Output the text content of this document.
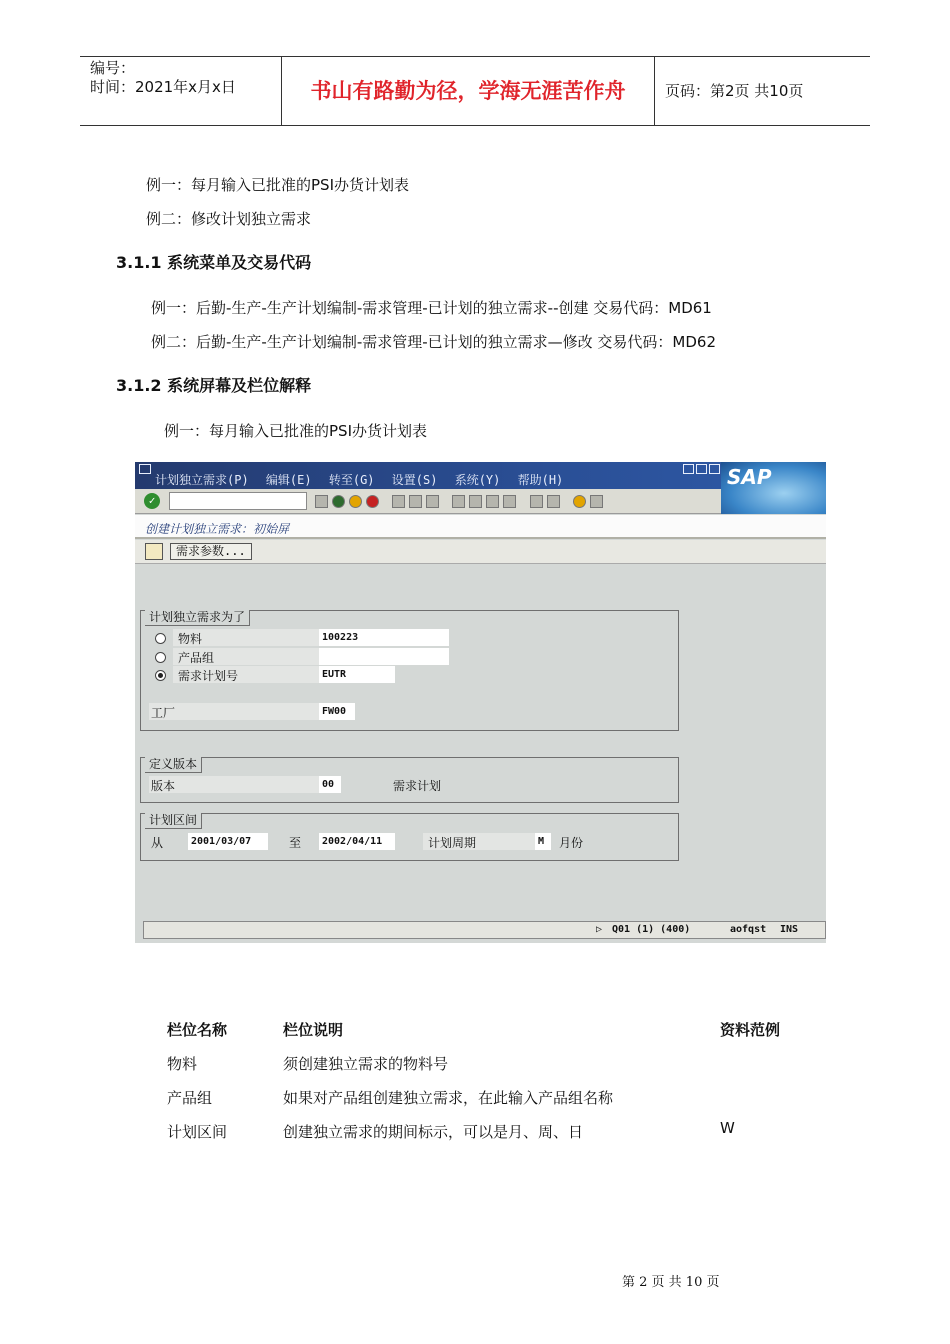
编号：
时间：2021年x月x日	书山有路勤为径，学海无涯苦作舟	页码：第2页 共10页
例一：每月输入已批准的PSI办货计划表
例二：修改计划独立需求
3.1.1 系统菜单及交易代码
例一：后勤-生产-生产计划编制-需求管理-已计划的独立需求--创建 交易代码：MD61
例二：后勤-生产-生产计划编制-需求管理-已计划的独立需求—修改 交易代码：MD62
3.1.2 系统屏幕及栏位解释
例一：每月输入已批准的PSI办货计划表
计划独立需求(P) 编辑(E) 转至(G) 设置(S) 系统(Y) 帮助(H)	SAP
✓

创建计划独立需求：初始屏
需求参数...
计划独立需求为了
物料	100223
产品组
需求计划号	EUTR
工厂	FW00
定义版本
版本	00	需求计划
计划区间
从	2001/03/07	至	2002/04/11	计划周期	M	月份
▷ Q01 (1) (400)	aofqst INS
栏位名称	栏位说明	资料范例
物料	须创建独立需求的物料号
产品组	如果对产品组创建独立需求，在此输入产品组名称
计划区间	创建独立需求的期间标示，可以是月、周、日	W
第 2 页 共 10 页
